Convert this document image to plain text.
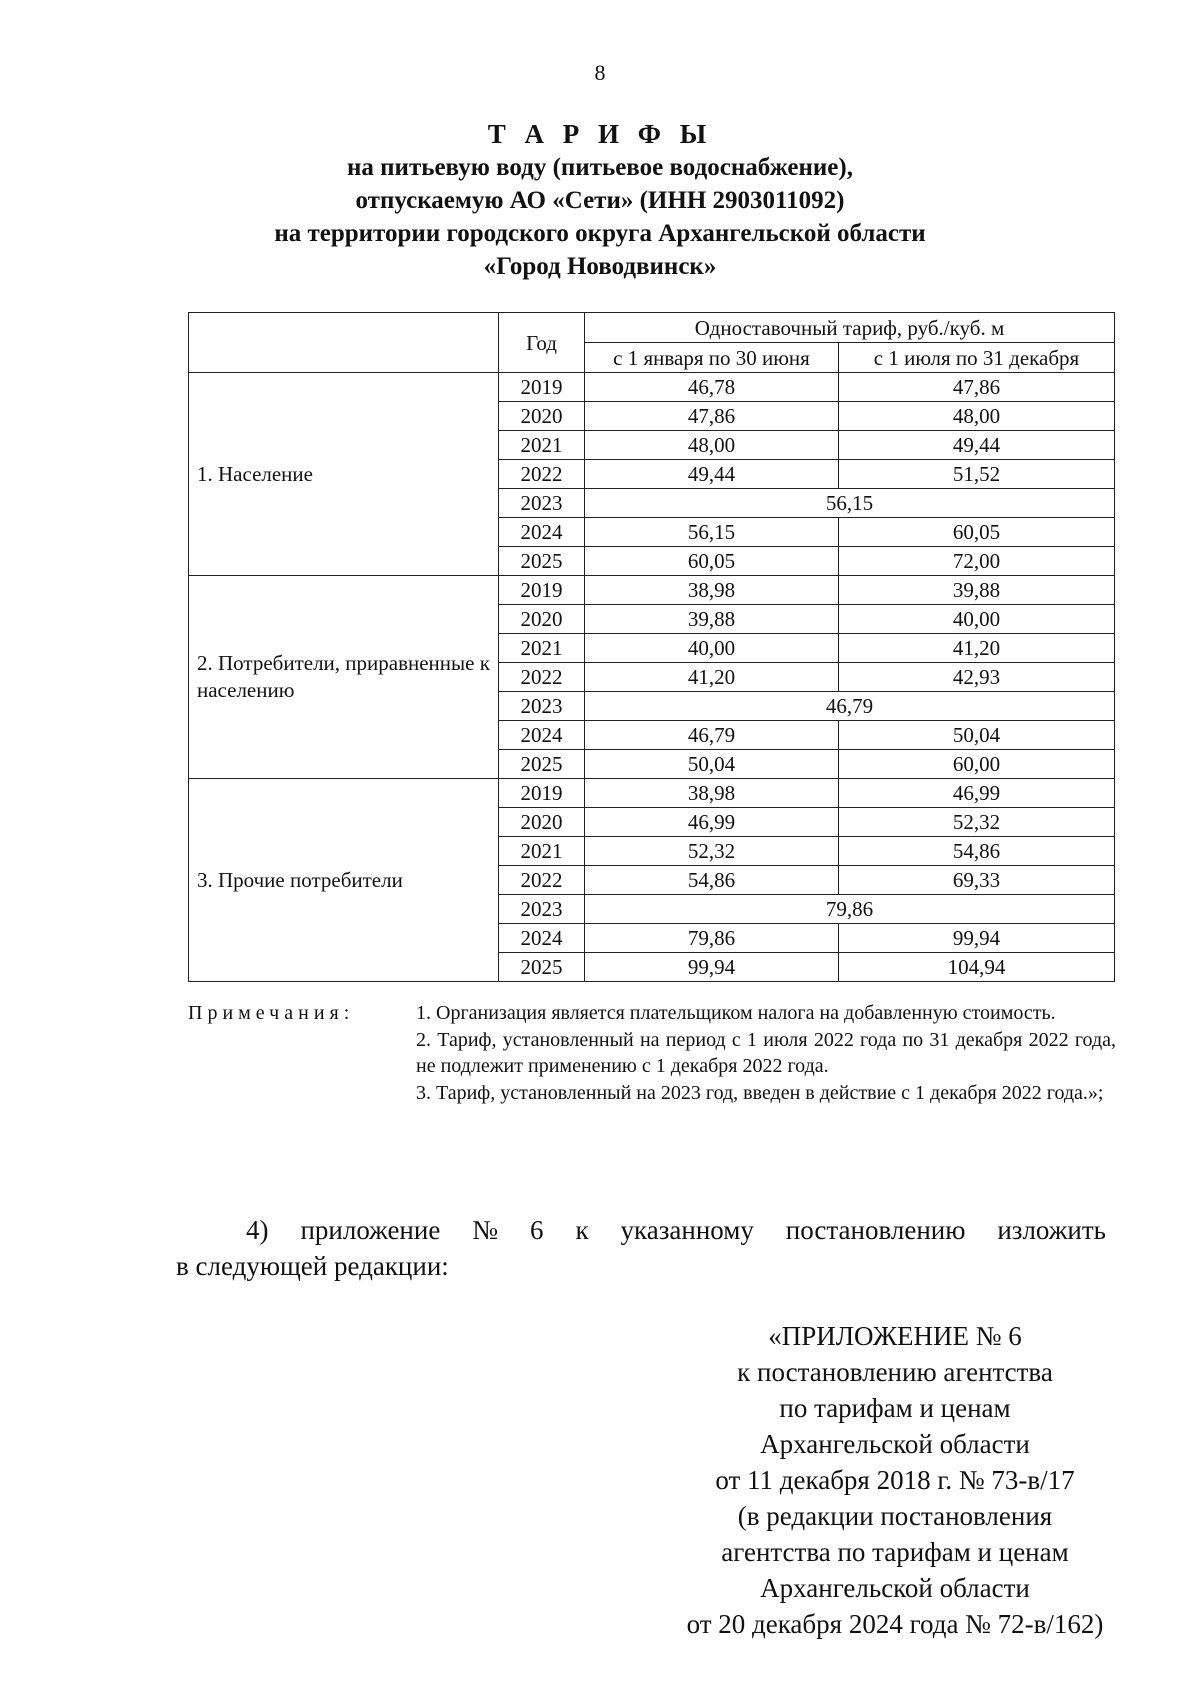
8
Т А Р И Ф Ы
на питьевую воду (питьевое водоснабжение),
отпускаемую АО «Сети» (ИНН 2903011092)
на территории городского округа Архангельской области
«Город Новодвинск»
	Год	Одноставочный тариф, руб./куб. м	
		с 1 января по 30 июня	с 1 июля по 31 декабря
1. Население	2019	46,78	47,86
	2020	47,86	48,00
	2021	48,00	49,44
	2022	49,44	51,52
	2023	56,15	
	2024	56,15	60,05
	2025	60,05	72,00
2. Потребители, приравненные к населению	2019	38,98	39,88
	2020	39,88	40,00
	2021	40,00	41,20
	2022	41,20	42,93
	2023	46,79	
	2024	46,79	50,04
	2025	50,04	60,00
3. Прочие потребители	2019	38,98	46,99
	2020	46,99	52,32
	2021	52,32	54,86
	2022	54,86	69,33
	2023	79,86	
	2024	79,86	99,94
	2025	99,94	104,94
Примечания:	1. Организация является плательщиком налога на добавленную стоимость.
2. Тариф, установленный на период с 1 июля 2022 года по 31 декабря 2022 года, не подлежит применению с 1 декабря 2022 года.
3. Тариф, установленный на 2023 год, введен в действие с 1 декабря 2022 года.»;
4) приложение № 6 к указанному постановлению изложить
в следующей редакции:
«ПРИЛОЖЕНИЕ № 6
к постановлению агентства
по тарифам и ценам
Архангельской области
от 11 декабря 2018 г. № 73-в/17
(в редакции постановления
агентства по тарифам и ценам
Архангельской области
от 20 декабря 2024 года № 72-в/162)
